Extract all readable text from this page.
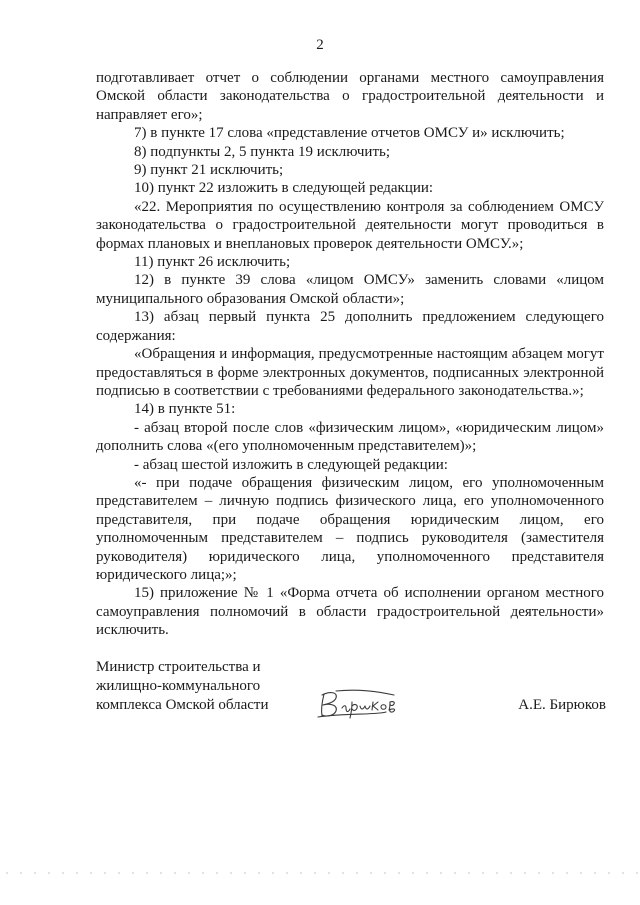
2

подготавливает отчет о соблюдении органами местного самоуправления Омской области законодательства о градостроительной деятельности и направляет его»;

7) в пункте 17 слова «представление отчетов ОМСУ и» исключить;

8) подпункты 2, 5 пункта 19 исключить;

9) пункт 21 исключить;

10) пункт 22 изложить в следующей редакции:

«22. Мероприятия по осуществлению контроля за соблюдением ОМСУ законодательства о градостроительной деятельности могут проводиться в формах плановых и внеплановых проверок деятельности ОМСУ.»;

11) пункт 26 исключить;

12) в пункте 39 слова «лицом ОМСУ» заменить словами «лицом муниципального образования Омской области»;

13) абзац первый пункта 25 дополнить предложением следующего содержания:

«Обращения и информация, предусмотренные настоящим абзацем могут предоставляться в форме электронных документов, подписанных электронной подписью в соответствии с требованиями федерального законодательства.»;

14) в пункте 51:

- абзац второй после слов «физическим лицом», «юридическим лицом» дополнить слова «(его уполномоченным представителем)»;

- абзац шестой изложить в следующей редакции:

«- при подаче обращения физическим лицом, его уполномоченным представителем – личную подпись физического лица, его уполномоченного представителя, при подаче обращения юридическим лицом, его уполномоченным представителем – подпись руководителя (заместителя руководителя) юридического лица, уполномоченного представителя юридического лица;»;

15) приложение № 1 «Форма отчета об исполнении органом местного самоуправления полномочий в области градостроительной деятельности» исключить.

Министр строительства и
жилищно-коммунального
комплекса Омской области	А.Е. Бирюков
